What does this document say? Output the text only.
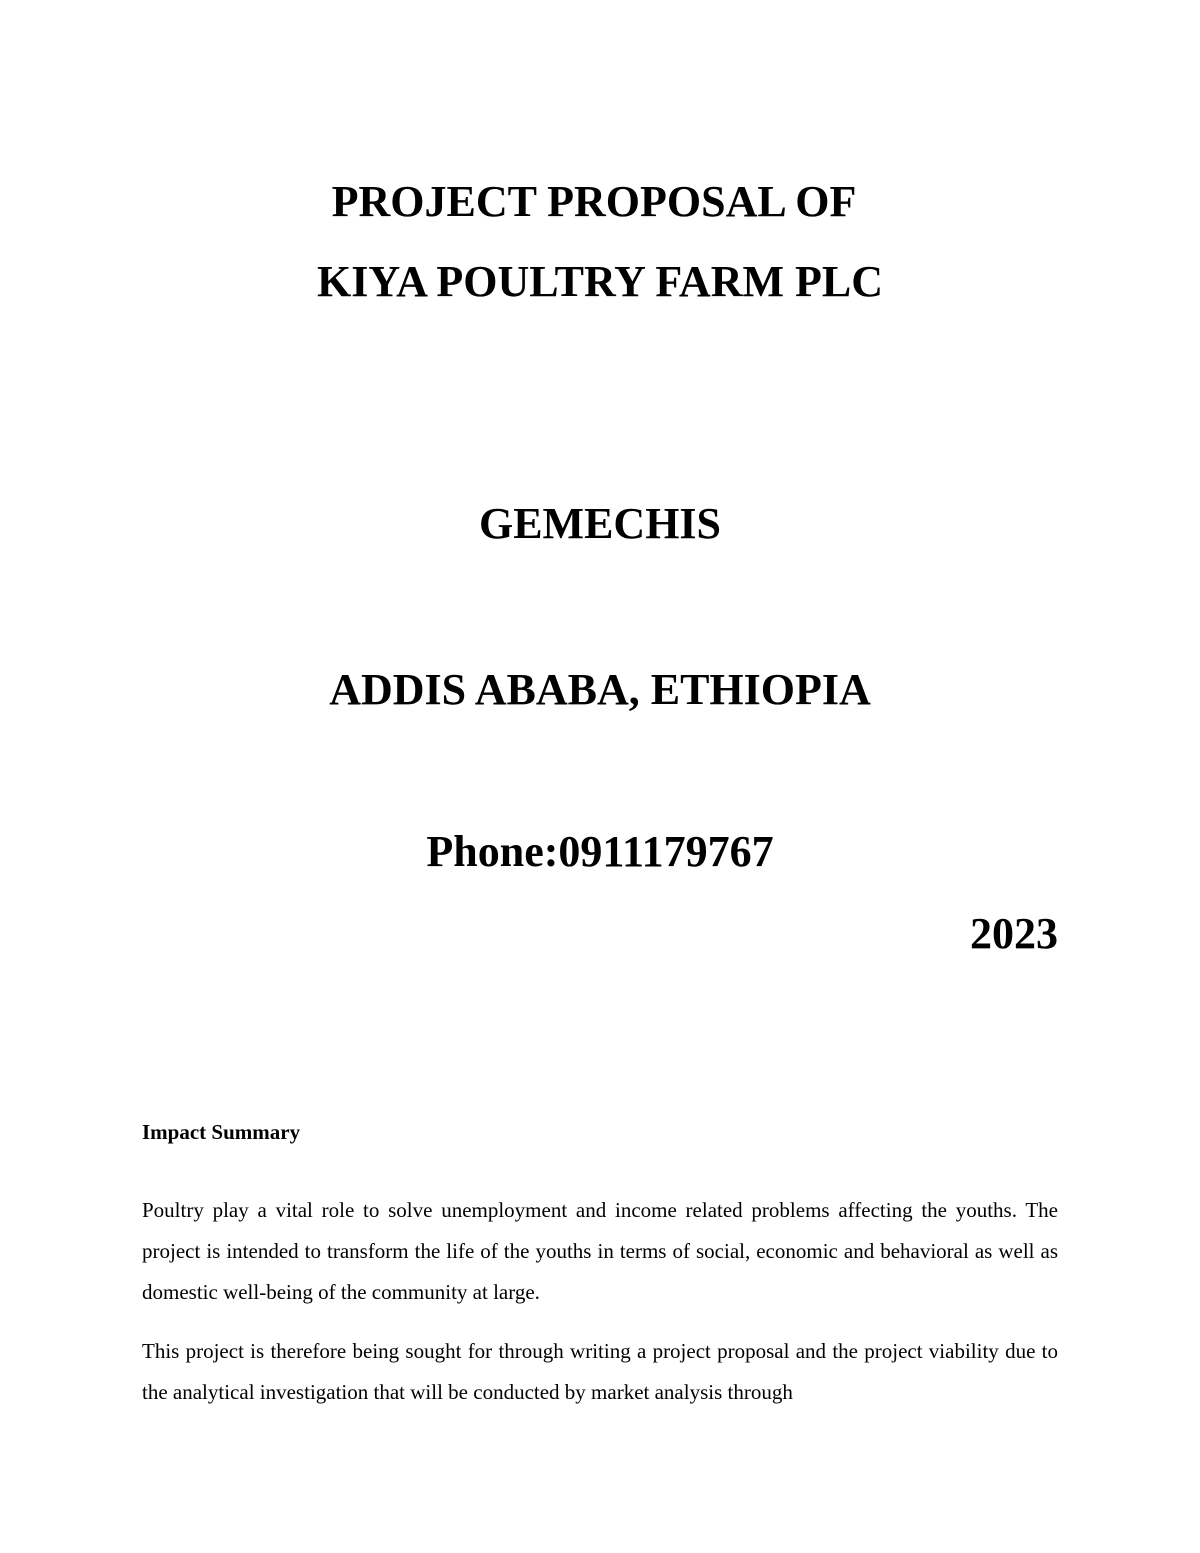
PROJECT PROPOSAL OF
KIYA POULTRY FARM PLC
GEMECHIS
ADDIS ABABA, ETHIOPIA
Phone:0911179767
2023
Impact Summary

Poultry play a vital role to solve unemployment and income related problems affecting the youths. The project is intended to transform the life of the youths in terms of social, economic and behavioral as well as domestic well-being of the community at large.

This project is therefore being sought for through writing a project proposal and the project viability due to the analytical investigation that will be conducted by market analysis through
